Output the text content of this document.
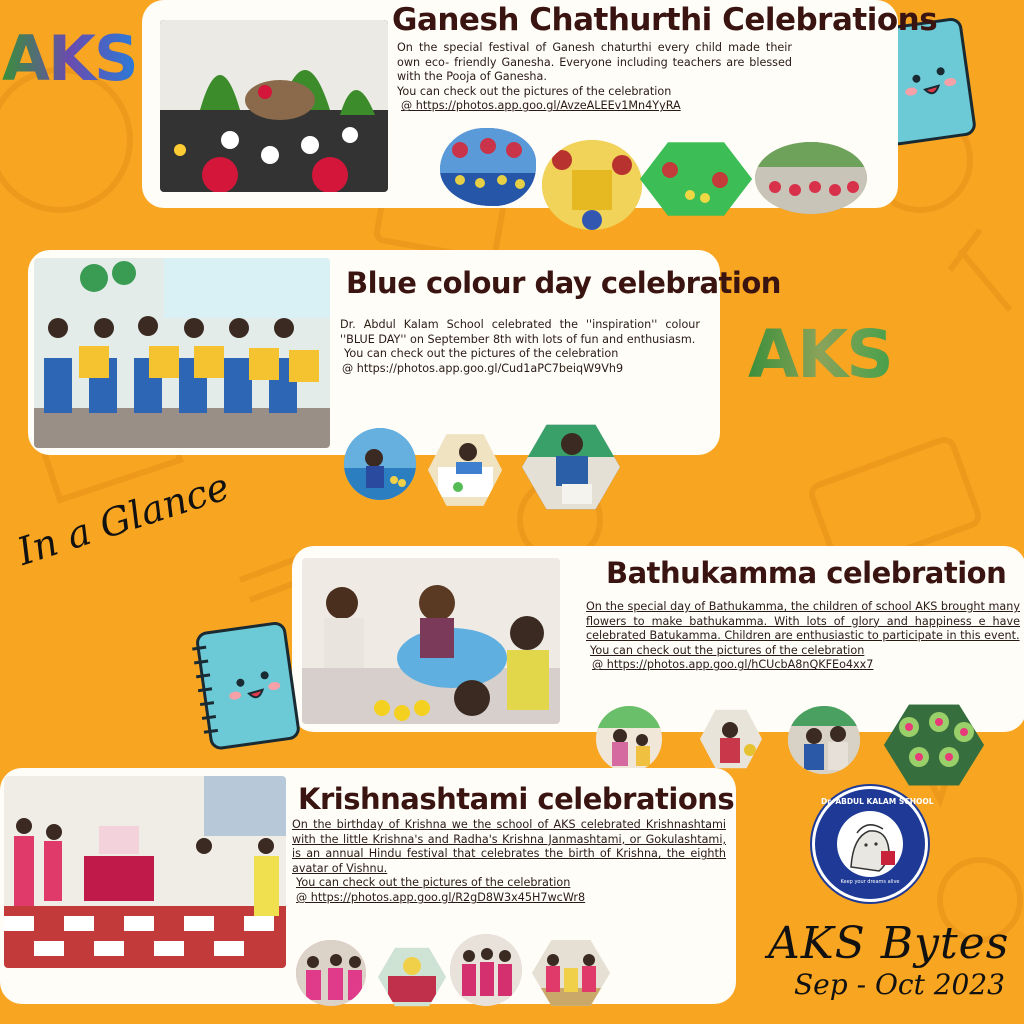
AKS
Ganesh Chathurthi Celebrations

On the special festival of Ganesh chaturthi every child made their own eco- friendly Ganesha. Everyone including teachers are blessed with the Pooja of Ganesha.

You can check out the pictures of the celebration

@ https://photos.app.goo.gl/AvzeALEEv1Mn4YyRA

Blue colour day celebration

Dr. Abdul Kalam School celebrated the ''inspiration'' colour ''BLUE DAY'' on September 8th with lots of fun and enthusiasm.

You can check out the pictures of the celebration

@ https://photos.app.goo.gl/Cud1aPC7beiqW9Vh9	AKS
In a Glance	Bathukamma celebration

On the special day of Bathukamma, the children of school AKS brought many flowers to make bathukamma. With lots of glory and happiness e have celebrated Batukamma. Children are enthusiastic to participate in this event.

You can check out the pictures of the celebration

@ https://photos.app.goo.gl/hCUcbA8nQKFEo4xx7

Krishnashtami celebrations

On the birthday of Krishna we the school of AKS celebrated Krishnashtami with the little Krishna's and Radha's Krishna Janmashtami, or Gokulashtami, is an annual Hindu festival that celebrates the birth of Krishna, the eighth avatar of Vishnu.

You can check out the pictures of the celebration

@ https://photos.app.goo.gl/R2gD8W3x45H7wcWr8

Dr. ABDUL KALAM SCHOOL
Keep your dreams alive
AKS Bytes
Sep - Oct 2023
